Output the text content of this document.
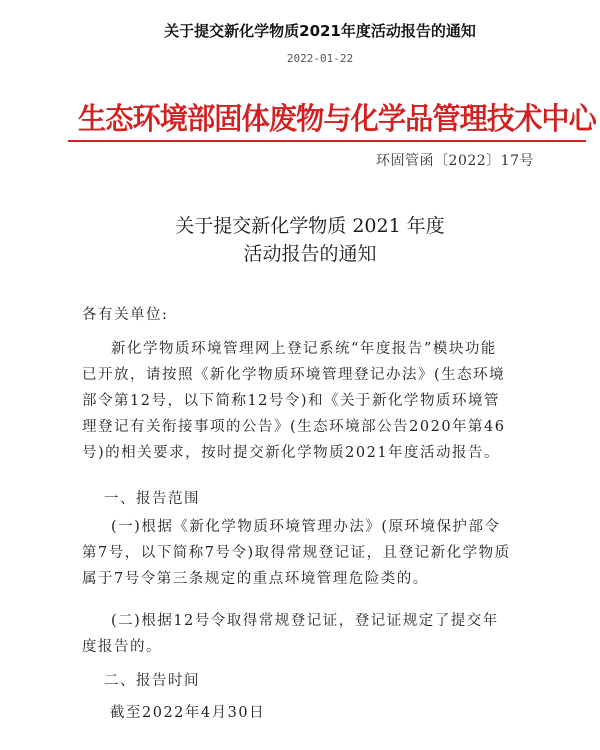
关于提交新化学物质2021年度活动报告的通知
2022-01-22
生态环境部固体废物与化学品管理技术中心
环固管函〔2022〕17号
关于提交新化学物质 2021 年度
活动报告的通知
各有关单位:
新化学物质环境管理网上登记系统“年度报告”模块功能已开放，请按照《新化学物质环境管理登记办法》(生态环境部令第12号，以下简称12号令)和《关于新化学物质环境管理登记有关衔接事项的公告》(生态环境部公告2020年第46号)的相关要求，按时提交新化学物质2021年度活动报告。
一、报告范围
(一)根据《新化学物质环境管理办法》(原环境保护部令第7号，以下简称7号令)取得常规登记证，且登记新化学物质属于7号令第三条规定的重点环境管理危险类的。
(二)根据12号令取得常规登记证，登记证规定了提交年度报告的。
二、报告时间
截至2022年4月30日
